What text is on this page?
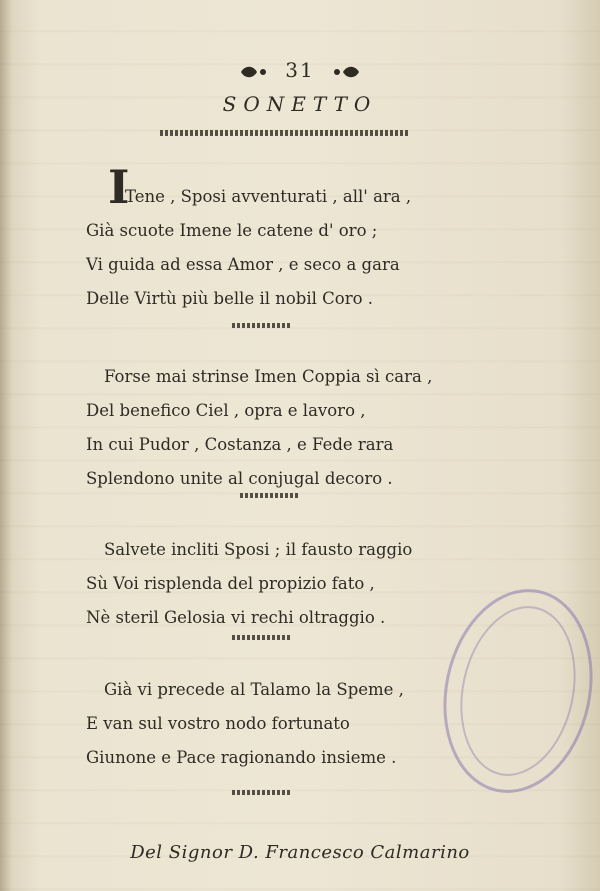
31
SONETTO
I
Tene , Sposi avventurati , all' ara ,
Già scuote Imene le catene d' oro ;
Vi guida ad essa Amor , e seco a gara
Delle Virtù più belle il nobil Coro .
Forse mai strinse Imen Coppia sì cara ,
Del benefico Ciel , opra e lavoro ,
In cui Pudor , Costanza , e Fede rara
Splendono unite al conjugal decoro .
Salvete incliti Sposi ; il fausto raggio
Sù Voi risplenda del propizio fato ,
Nè steril Gelosia vi rechi oltraggio .
Già vi precede al Talamo la Speme ,
E van sul vostro nodo fortunato
Giunone e Pace ragionando insieme .
Del Signor D. Francesco Calmarino
